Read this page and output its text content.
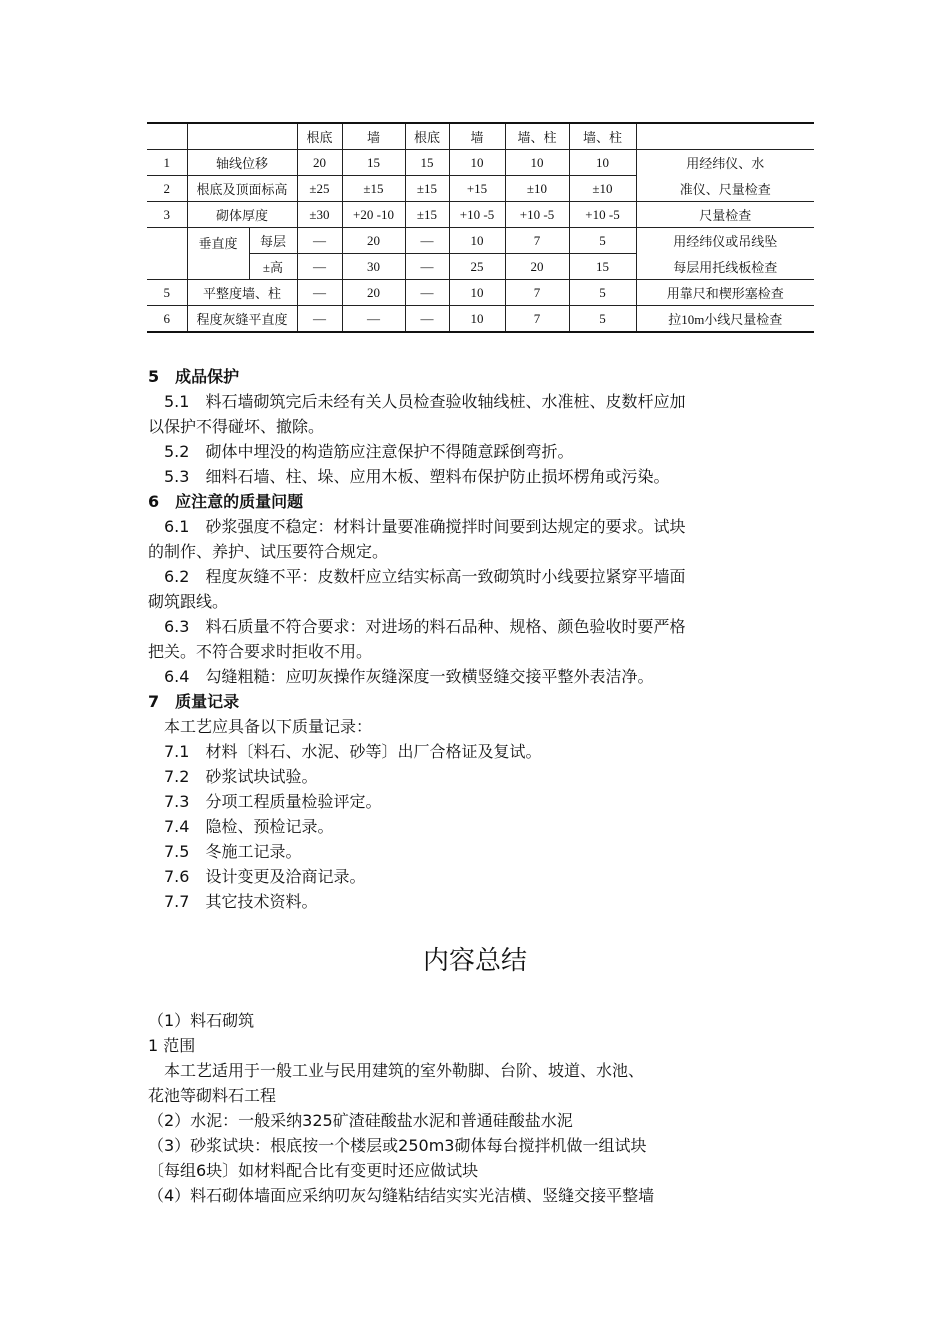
			根底	墙	根底	墙	墙、柱	墙、柱	
1	轴线位移		20	15	15	10	10	10	用经纬仪、水
2	根底及顶面标高		±25	±15	±15	+15	±10	±10	准仪、尺量检查
3	砌体厚度		±30	+20 -10	±15	+10 -5	+10 -5	+10 -5	尺量检查
	垂直度	每层	—	20	—	10	7	5	用经纬仪或吊线坠
		±高	—	30	—	25	20	15	每层用托线板检查
5	平整度墙、柱		—	20	—	10	7	5	用靠尺和楔形塞检查
6	程度灰缝平直度		—	—	—	10	7	5	拉10m小线尺量检查

5　成品保护

　5.1　料石墙砌筑完后未经有关人员检查验收轴线桩、水准桩、皮数杆应加

以保护不得碰坏、撤除。

　5.2　砌体中埋没的构造筋应注意保护不得随意踩倒弯折。

　5.3　细料石墙、柱、垛、应用木板、塑料布保护防止损坏楞角或污染。

6　应注意的质量问题

　6.1　砂浆强度不稳定：材料计量要准确搅拌时间要到达规定的要求。试块

的制作、养护、试压要符合规定。

　6.2　程度灰缝不平：皮数杆应立结实标高一致砌筑时小线要拉紧穿平墙面

砌筑跟线。

　6.3　料石质量不符合要求：对进场的料石品种、规格、颜色验收时要严格

把关。不符合要求时拒收不用。

　6.4　勾缝粗糙：应叨灰操作灰缝深度一致横竖缝交接平整外表洁净。

7　质量记录

　本工艺应具备以下质量记录：

　7.1　材料〔料石、水泥、砂等〕出厂合格证及复试。

　7.2　砂浆试块试验。

　7.3　分项工程质量检验评定。

　7.4　隐检、预检记录。

　7.5　冬施工记录。

　7.6　设计变更及洽商记录。

　7.7　其它技术资料。

内容总结

（1）料石砌筑

1 范围

　本工艺适用于一般工业与民用建筑的室外勒脚、台阶、坡道、水池、

花池等砌料石工程

（2）水泥：一般采纳325矿渣硅酸盐水泥和普通硅酸盐水泥

（3）砂浆试块：根底按一个楼层或250m3砌体每台搅拌机做一组试块

〔每组6块〕如材料配合比有变更时还应做试块

（4）料石砌体墙面应采纳叨灰勾缝粘结结实实光洁横、竖缝交接平整墙
